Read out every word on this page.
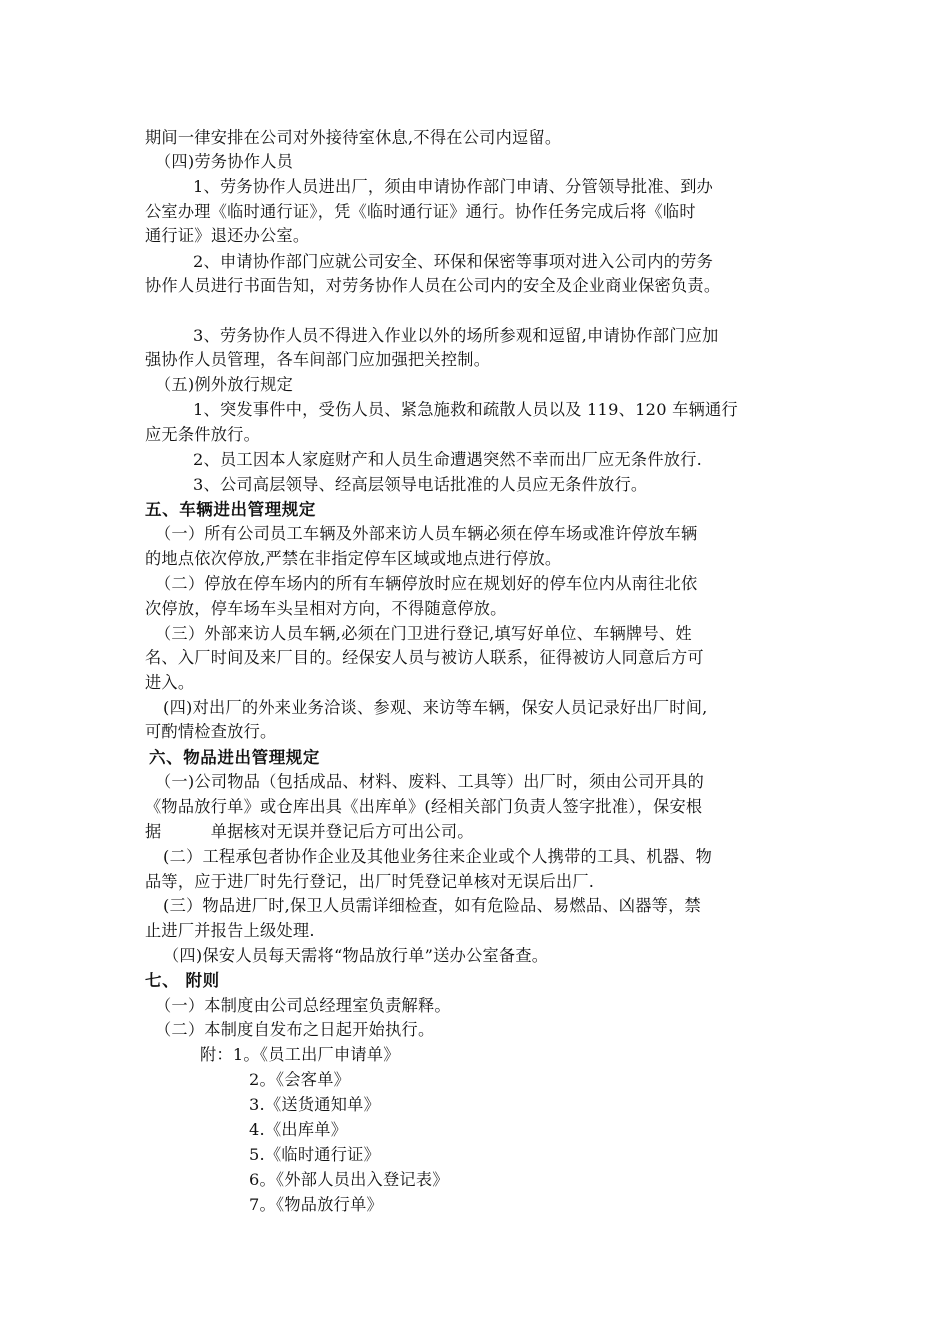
期间一律安排在公司对外接待室休息,不得在公司内逗留。
（四)劳务协作人员
1、劳务协作人员进出厂，须由申请协作部门申请、分管领导批准、到办
公室办理《临时通行证》，凭《临时通行证》通行。协作任务完成后将《临时
通行证》退还办公室。
2、申请协作部门应就公司安全、环保和保密等事项对进入公司内的劳务
协作人员进行书面告知，对劳务协作人员在公司内的安全及企业商业保密负责。
3、劳务协作人员不得进入作业以外的场所参观和逗留,申请协作部门应加
强协作人员管理，各车间部门应加强把关控制。
（五)例外放行规定
1、突发事件中，受伤人员、紧急施救和疏散人员以及 119、120 车辆通行
应无条件放行。
2、员工因本人家庭财产和人员生命遭遇突然不幸而出厂应无条件放行.
3、公司高层领导、经高层领导电话批准的人员应无条件放行。
五、车辆进出管理规定
（一）所有公司员工车辆及外部来访人员车辆必须在停车场或准许停放车辆
的地点依次停放,严禁在非指定停车区域或地点进行停放。
（二）停放在停车场内的所有车辆停放时应在规划好的停车位内从南往北依
次停放，停车场车头呈相对方向，不得随意停放。
（三）外部来访人员车辆,必须在门卫进行登记,填写好单位、车辆牌号、姓
名、入厂时间及来厂目的。经保安人员与被访人联系，征得被访人同意后方可
进入。
(四)对出厂的外来业务洽谈、参观、来访等车辆，保安人员记录好出厂时间,
可酌情检查放行。
六、物品进出管理规定
（一)公司物品（包括成品、材料、废料、工具等）出厂时，须由公司开具的
《物品放行单》或仓库出具《出库单》(经相关部门负责人签字批准），保安根
据　　　单据核对无误并登记后方可出公司。
(二）工程承包者协作企业及其他业务往来企业或个人携带的工具、机器、物
品等，应于进厂时先行登记，出厂时凭登记单核对无误后出厂.
(三）物品进厂时,保卫人员需详细检查，如有危险品、易燃品、凶器等，禁
止进厂并报告上级处理.
（四)保安人员每天需将“物品放行单”送办公室备查。
七、 附则
（一）本制度由公司总经理室负责解释。
（二）本制度自发布之日起开始执行。
附：1。《员工出厂申请单》
2。《会客单》
3.《送货通知单》
4.《出库单》
5.《临时通行证》
6。《外部人员出入登记表》
7。《物品放行单》
